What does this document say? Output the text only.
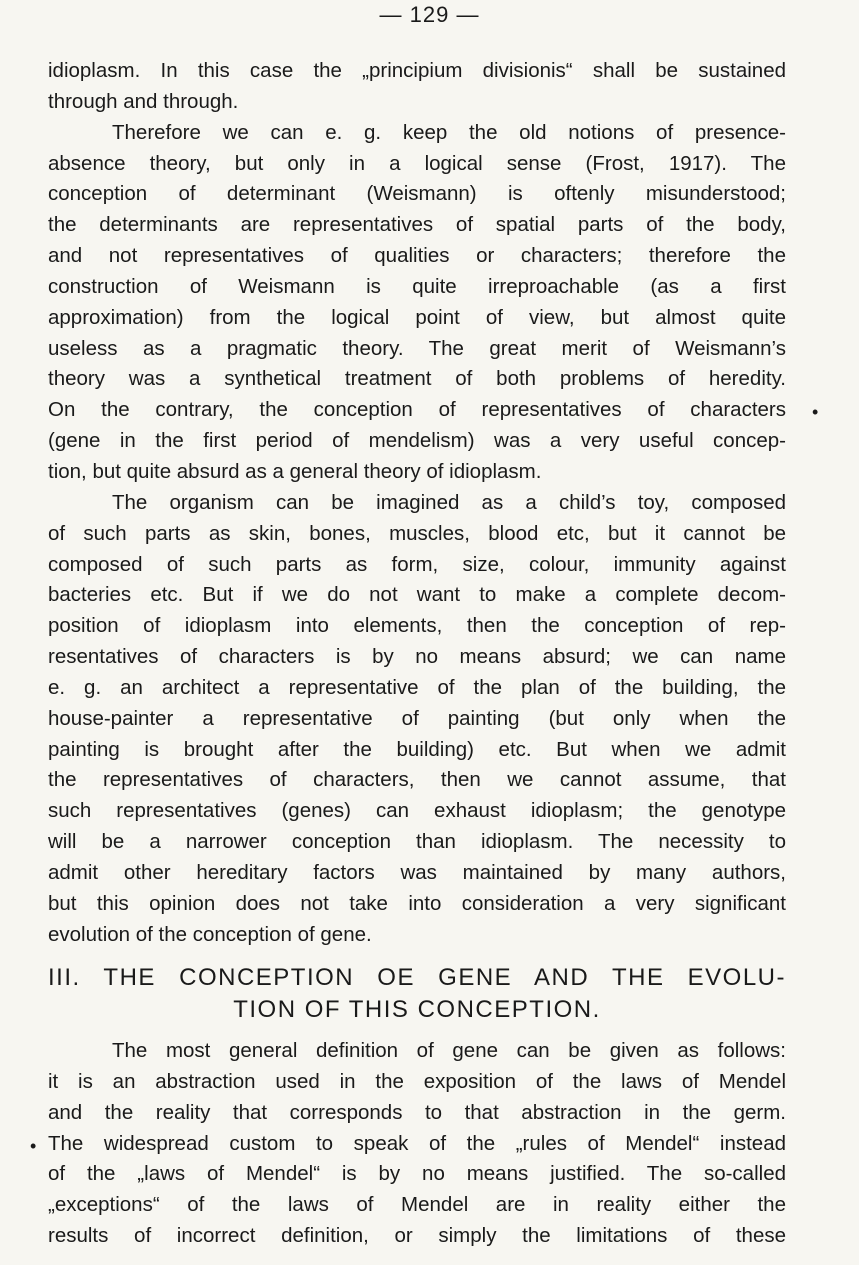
— 129 —
idioplasm. In this case the „principium divisionis“ shall be sustained
through and through.
Therefore we can e. g. keep the old notions of presence-
absence theory, but only in a logical sense (Frost, 1917). The
conception of determinant (Weismann) is oftenly misunderstood;
the determinants are representatives of spatial parts of the body,
and not representatives of qualities or characters; therefore the
construction of Weismann is quite irreproachable (as a first
approximation) from the logical point of view, but almost quite
useless as a pragmatic theory. The great merit of Weismann’s
theory was a synthetical treatment of both problems of heredity.
On the contrary, the conception of representatives of characters
(gene in the first period of mendelism) was a very useful concep-
tion, but quite absurd as a general theory of idioplasm.
The organism can be imagined as a child’s toy, composed
of such parts as skin, bones, muscles, blood etc, but it cannot be
composed of such parts as form, size, colour, immunity against
bacteries etc. But if we do not want to make a complete decom-
position of idioplasm into elements, then the conception of rep-
resentatives of characters is by no means absurd; we can name
e. g. an architect a representative of the plan of the building, the
house-painter a representative of painting (but only when the
painting is brought after the building) etc. But when we admit
the representatives of characters, then we cannot assume, that
such representatives (genes) can exhaust idioplasm; the genotype
will be a narrower conception than idioplasm. The necessity to
admit other hereditary factors was maintained by many authors,
but this opinion does not take into consideration a very significant
evolution of the conception of gene.
III. THE CONCEPTION OE GENE AND THE EVOLU-
TION OF THIS CONCEPTION.
The most general definition of gene can be given as follows:
it is an abstraction used in the exposition of the laws of Mendel
and the reality that corresponds to that abstraction in the germ.
The widespread custom to speak of the „rules of Mendel“ instead
of the „laws of Mendel“ is by no means justified. The so-called
„exceptions“ of the laws of Mendel are in reality either the
results of incorrect definition, or simply the limitations of these
•
•
